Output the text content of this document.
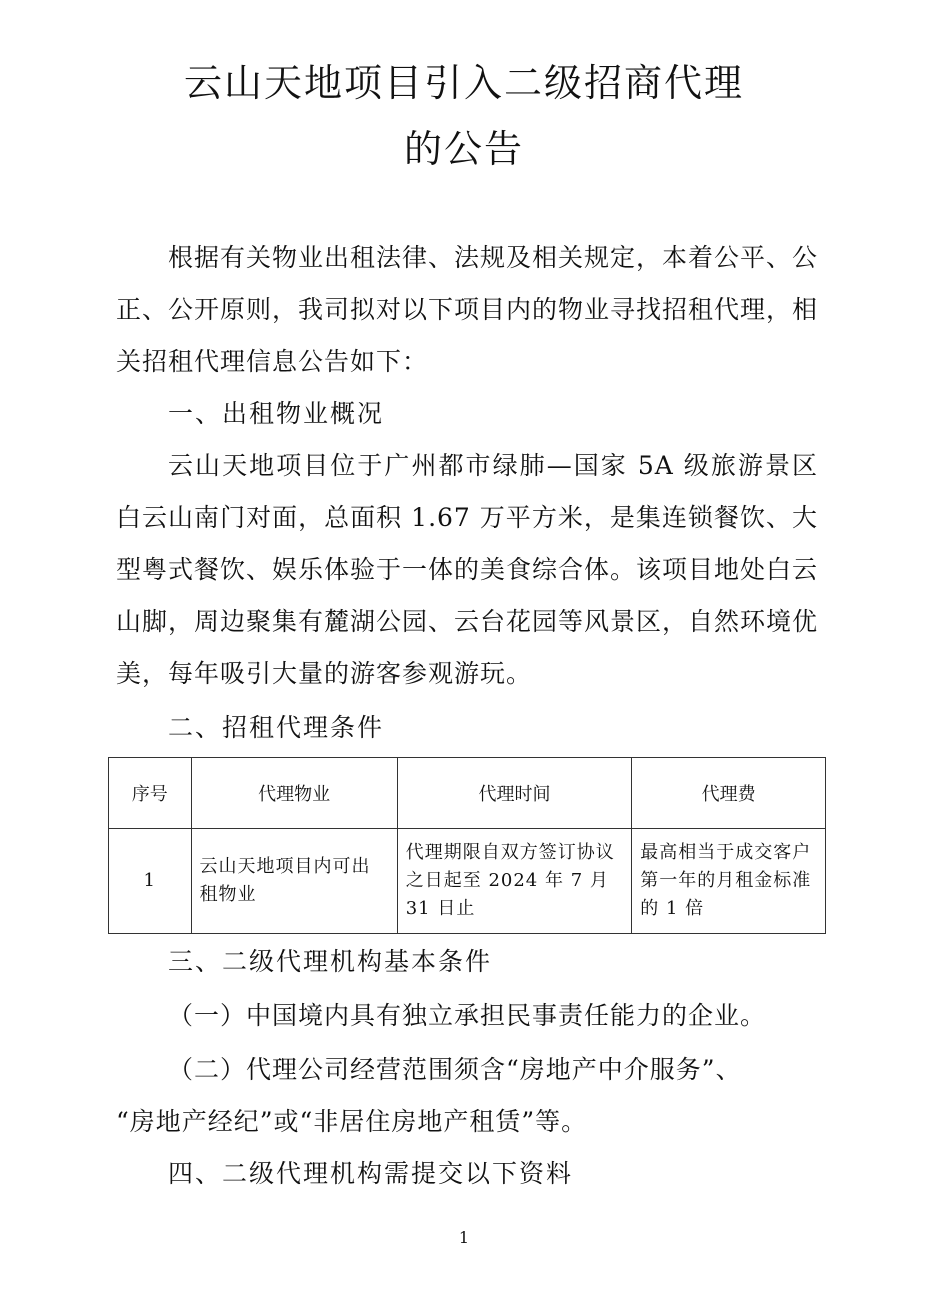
云山天地项目引入二级招商代理
的公告

根据有关物业出租法律、法规及相关规定，本着公平、公正、公开原则，我司拟对以下项目内的物业寻找招租代理，相关招租代理信息公告如下：

一、出租物业概况

云山天地项目位于广州都市绿肺—国家 5A 级旅游景区白云山南门对面，总面积 1.67 万平方米，是集连锁餐饮、大型粤式餐饮、娱乐体验于一体的美食综合体。该项目地处白云山脚，周边聚集有麓湖公园、云台花园等风景区，自然环境优美，每年吸引大量的游客参观游玩。

二、招租代理条件
序号	代理物业	代理时间	代理费
1	云山天地项目内可出租物业	代理期限自双方签订协议之日起至 2024 年 7 月 31 日止	最高相当于成交客户第一年的月租金标准的 1 倍
三、二级代理机构基本条件

（一）中国境内具有独立承担民事责任能力的企业。

（二）代理公司经营范围须含“房地产中介服务”、

“房地产经纪”或“非居住房地产租赁”等。

四、二级代理机构需提交以下资料
1
